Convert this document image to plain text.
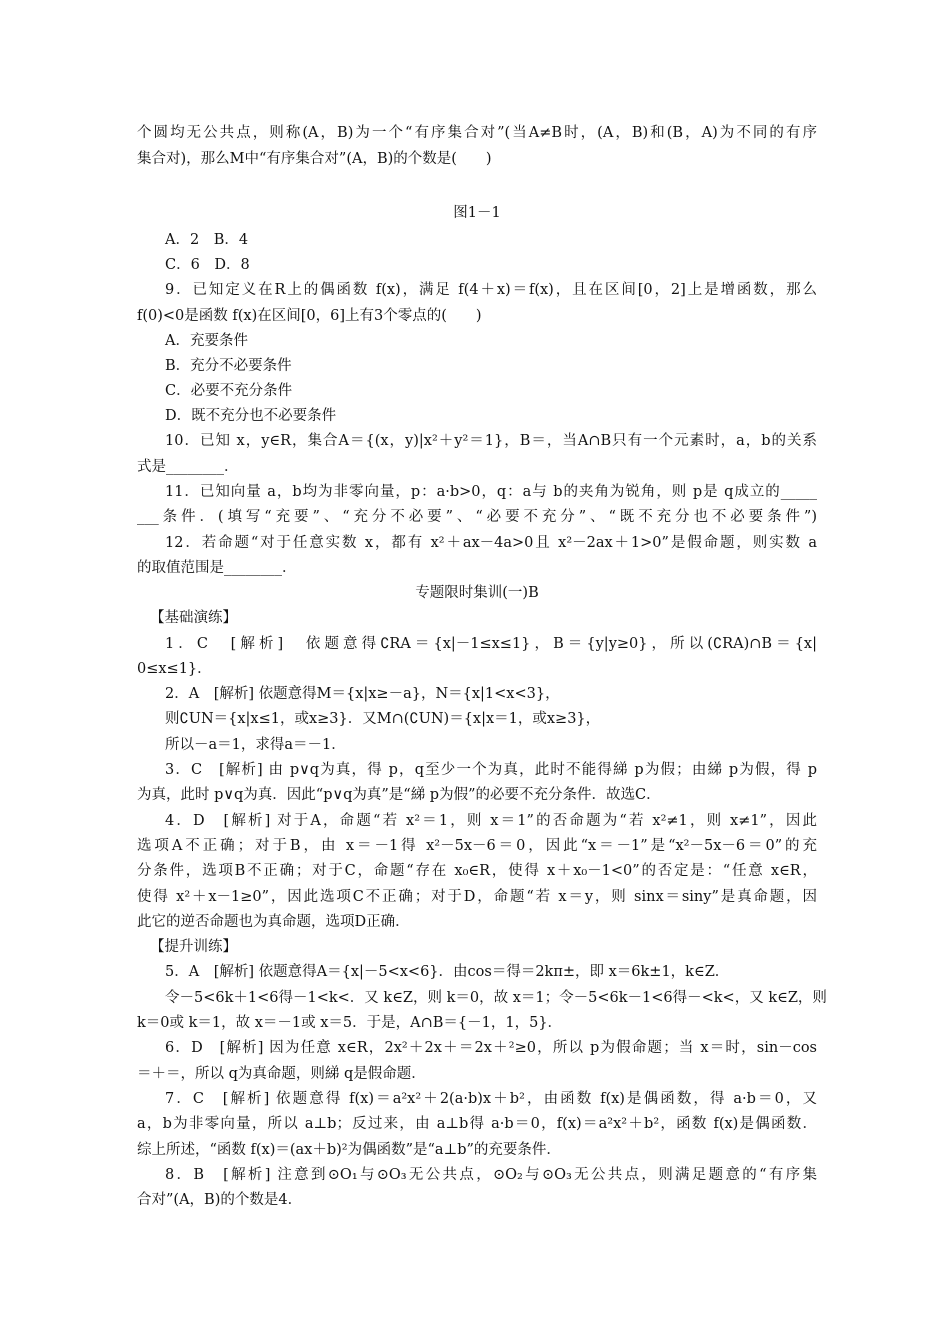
个圆均无公共点，则称(A，B)为一个“有序集合对”(当A≠B时，(A，B)和(B，A)为不同的有序
集合对)，那么M中“有序集合对”(A，B)的个数是(　　)
图1－1
A．2　B．4
C．6　D．8
9．已知定义在R上的偶函数 f(x)，满足 f(4＋x)＝f(x)，且在区间[0，2]上是增函数，那么
f(0)<0是函数 f(x)在区间[0，6]上有3个零点的(　　)
A．充要条件
B．充分不必要条件
C．必要不充分条件
D．既不充分也不必要条件
10．已知 x，y∈R，集合A＝{(x，y)|x²＋y²＝1}，B＝，当A∩B只有一个元素时，a，b的关系
式是________．
11．已知向量 a，b均为非零向量，p：a·b>0，q：a与 b的夹角为锐角，则 p是 q成立的_____
___条件．(填写“充要”、“充分不必要”、“必要不充分”、“既不充分也不必要条件”)
12．若命题“对于任意实数 x，都有 x²＋ax－4a>0且 x²－2ax＋1>0”是假命题，则实数 a
的取值范围是________．
专题限时集训(一)B
【基础演练】
1．C　[解析]　依题意得∁RA＝{x|－1≤x≤1}，B＝{y|y≥0}，所以(∁RA)∩B＝{x|
0≤x≤1}．
2．A　[解析] 依题意得M＝{x|x≥－a}，N＝{x|1<x<3}，
则∁UN＝{x|x≤1，或x≥3}．又M∩(∁UN)＝{x|x＝1，或x≥3}，
所以－a＝1，求得a＝－1．
3．C　[解析] 由 p∨q为真，得 p，q至少一个为真，此时不能得綈 p为假；由綈 p为假，得 p
为真，此时 p∨q为真．因此“p∨q为真”是“綈 p为假”的必要不充分条件．故选C．
4．D　[解析] 对于A，命题“若 x²＝1，则 x＝1”的否命题为“若 x²≠1，则 x≠1”，因此
选项A不正确；对于B，由 x＝－1得 x²－5x－6＝0，因此“x＝－1”是“x²－5x－6＝0”的充
分条件，选项B不正确；对于C，命题“存在 x₀∈R，使得 x＋x₀－1<0”的否定是：“任意 x∈R，
使得 x²＋x－1≥0”，因此选项C不正确；对于D，命题“若 x＝y，则 sinx＝siny”是真命题，因
此它的逆否命题也为真命题，选项D正确．
【提升训练】
5．A　[解析] 依题意得A＝{x|－5<x<6}．由cos＝得＝2kπ±，即 x＝6k±1，k∈Z．
令－5<6k＋1<6得－1<k<．又 k∈Z，则 k＝0，故 x＝1；令－5<6k－1<6得－<k<，又 k∈Z，则
k＝0或 k＝1，故 x＝－1或 x＝5．于是，A∩B＝{－1，1，5}．
6．D　[解析] 因为任意 x∈R，2x²＋2x＋＝2x＋²≥0，所以 p为假命题；当 x＝时，sin－cos
＝＋＝，所以 q为真命题，则綈 q是假命题．
7．C　[解析] 依题意得 f(x)＝a²x²＋2(a·b)x＋b²，由函数 f(x)是偶函数，得 a·b＝0，又
a，b为非零向量，所以 a⊥b；反过来，由 a⊥b得 a·b＝0，f(x)＝a²x²＋b²，函数 f(x)是偶函数．
综上所述，“函数 f(x)＝(ax＋b)²为偶函数”是“a⊥b”的充要条件．
8．B　[解析] 注意到⊙O₁与⊙O₃无公共点，⊙O₂与⊙O₃无公共点，则满足题意的“有序集
合对”(A，B)的个数是4．
